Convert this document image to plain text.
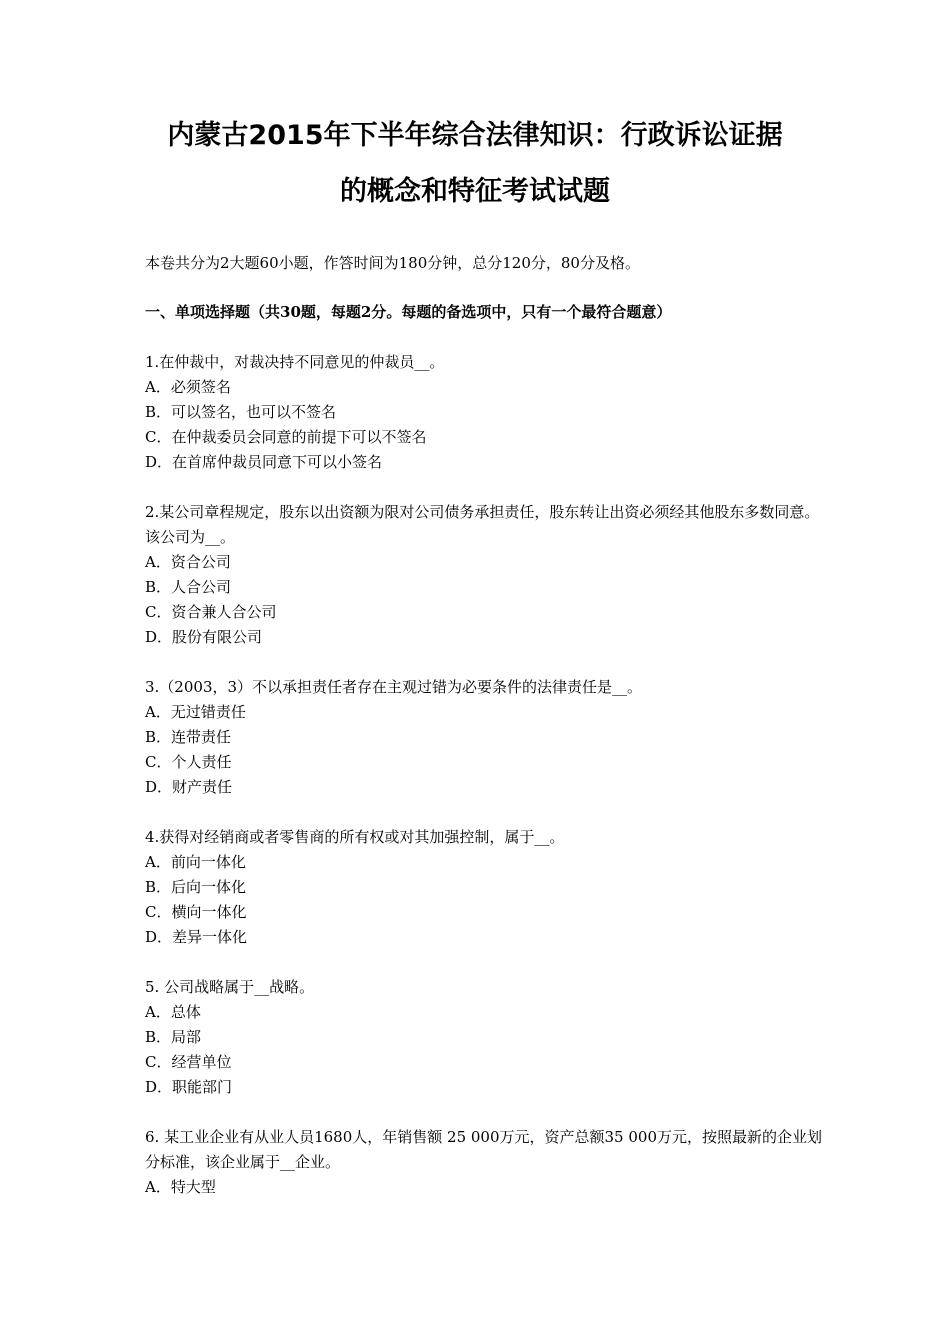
内蒙古2015年下半年综合法律知识：行政诉讼证据
的概念和特征考试试题
本卷共分为2大题60小题，作答时间为180分钟，总分120分，80分及格。
一、单项选择题（共30题，每题2分。每题的备选项中，只有一个最符合题意）
1.在仲裁中，对裁决持不同意见的仲裁员__。
A．必须签名
B．可以签名，也可以不签名
C．在仲裁委员会同意的前提下可以不签名
D．在首席仲裁员同意下可以小签名
2.某公司章程规定，股东以出资额为限对公司债务承担责任，股东转让出资必须经其他股东多数同意。该公司为__。
A．资合公司
B．人合公司
C．资合兼人合公司
D．股份有限公司
3.（2003，3）不以承担责任者存在主观过错为必要条件的法律责任是__。
A．无过错责任
B．连带责任
C．个人责任
D．财产责任
4.获得对经销商或者零售商的所有权或对其加强控制，属于__。
A．前向一体化
B．后向一体化
C．横向一体化
D．差异一体化
5. 公司战略属于__战略。
A．总体
B．局部
C．经营单位
D．职能部门
6. 某工业企业有从业人员1680人，年销售额 25 000万元，资产总额35 000万元，按照最新的企业划分标准，该企业属于__企业。
A．特大型
